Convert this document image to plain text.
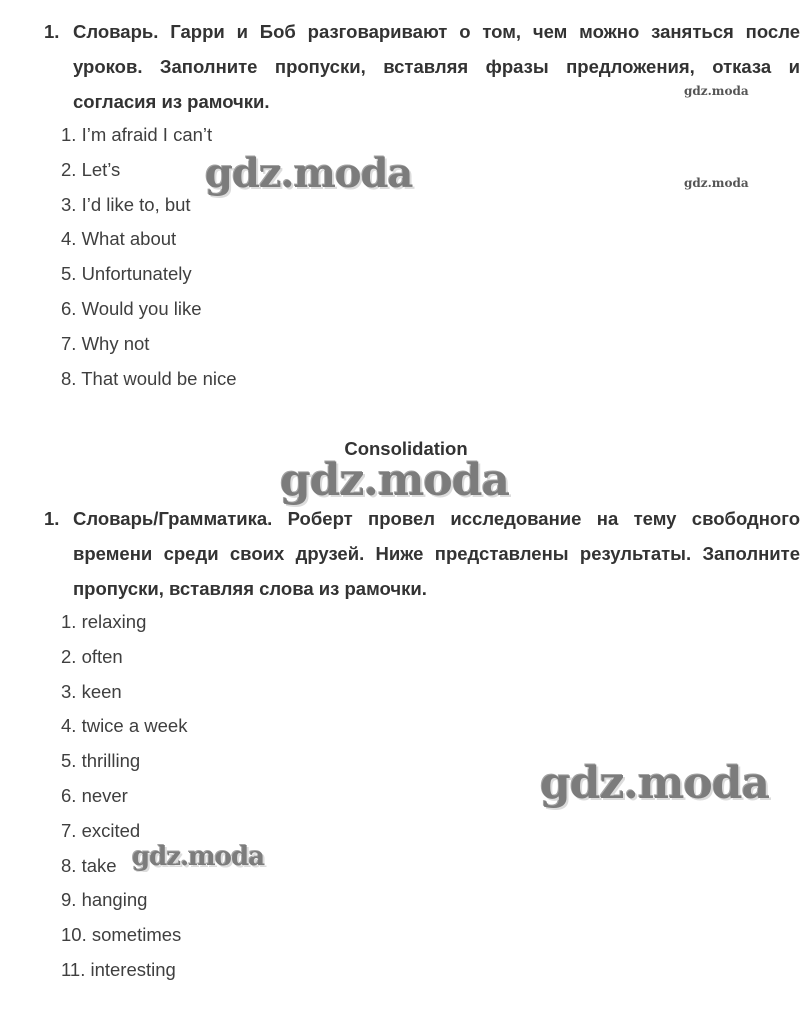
1. Словарь. Гарри и Боб разговаривают о том, чем можно заняться после уроков. Заполните пропуски, вставляя фразы предложения, отказа и согласия из рамочки.
1. I’m afraid I can’t
2. Let’s
3. I’d like to, but
4. What about
5. Unfortunately
6. Would you like
7. Why not
8. That would be nice
Consolidation
1. Словарь/Грамматика. Роберт провел исследование на тему свободного времени среди своих друзей. Ниже представлены результаты. Заполните пропуски, вставляя слова из рамочки.
1. relaxing
2. often
3. keen
4. twice a week
5. thrilling
6. never
7. excited
8. take
9. hanging
10. sometimes
11. interesting
gdz.moda
gdz.moda
gdz.moda
gdz.moda
gdz.moda
gdz.moda
